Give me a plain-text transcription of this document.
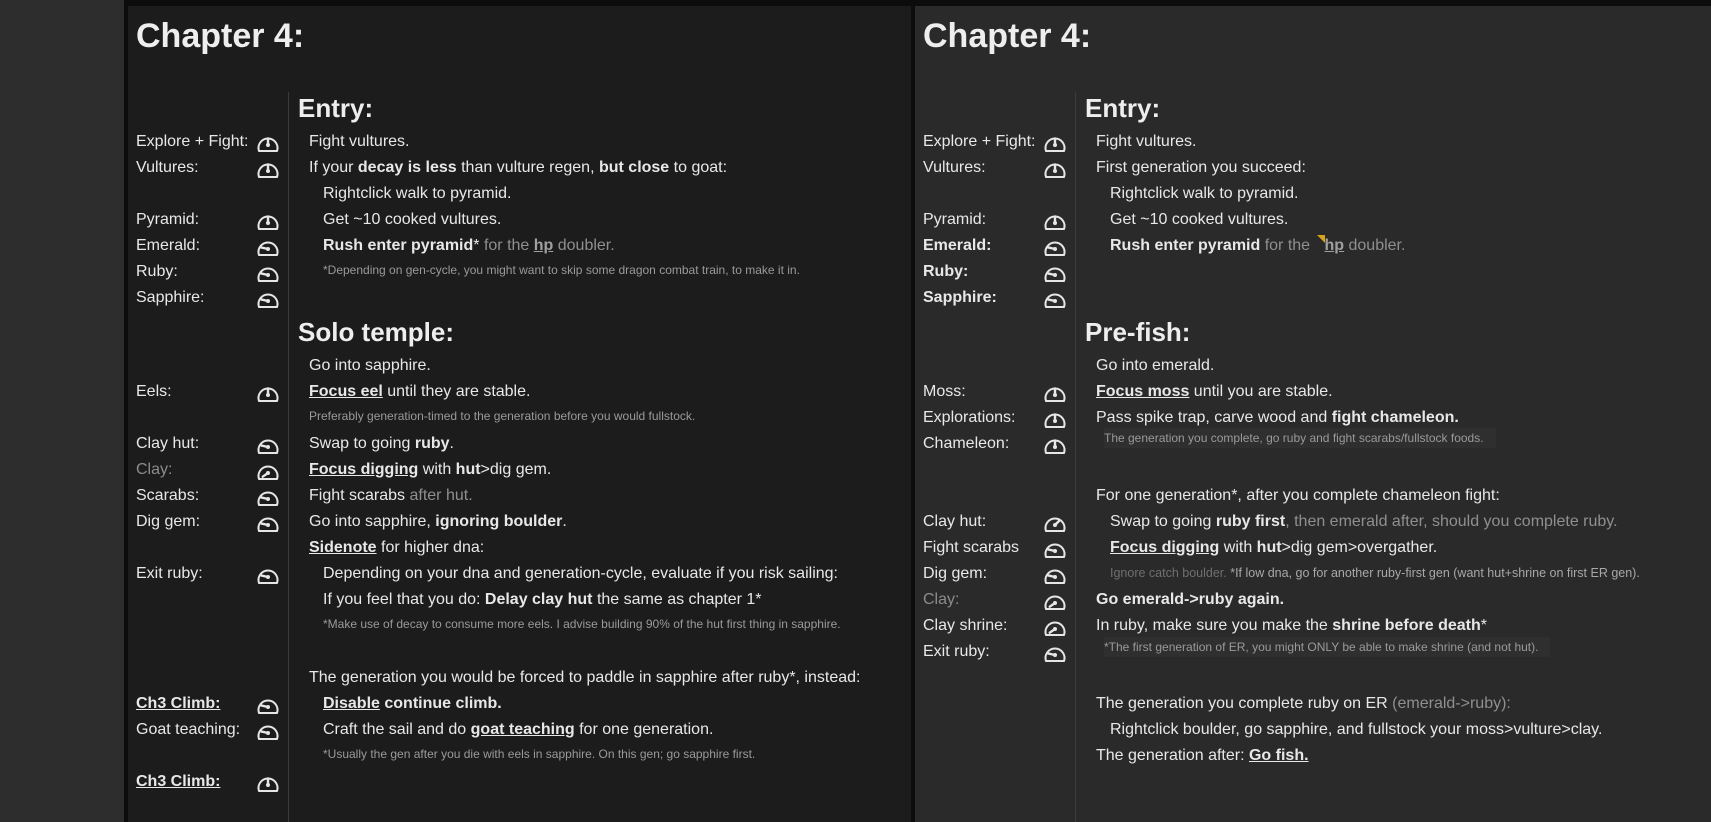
Chapter 4:
Explore + Fight:
Vultures:
Pyramid:
Emerald:
Ruby:
Sapphire:
Eels:
Clay hut:
Clay:
Scarabs:
Dig gem:
Exit ruby:
Ch3 Climb:
Goat teaching:
Ch3 Climb:
Entry:
Fight vultures.
If your decay is less than vulture regen, but close to goat:
Rightclick walk to pyramid.
Get ~10 cooked vultures.
Rush enter pyramid* for the hp doubler.
*Depending on gen-cycle, you might want to skip some dragon combat train, to make it in.
Solo temple:
Go into sapphire.
Focus eel until they are stable.
Preferably generation-timed to the generation before you would fullstock.
Swap to going ruby.
Focus digging with hut>dig gem.
Fight scarabs after hut.
Go into sapphire, ignoring boulder.
Sidenote for higher dna:
Depending on your dna and generation-cycle, evaluate if you risk sailing:
If you feel that you do: Delay clay hut the same as chapter 1*
*Make use of decay to consume more eels. I advise building 90% of the hut first thing in sapphire.
The generation you would be forced to paddle in sapphire after ruby*, instead:
Disable continue climb.
Craft the sail and do goat teaching for one generation.
*Usually the gen after you die with eels in sapphire. On this gen; go sapphire first.
Chapter 4:
Explore + Fight:
Vultures:
Pyramid:
Emerald:
Ruby:
Sapphire:
Moss:
Explorations:
Chameleon:
Clay hut:
Fight scarabs
Dig gem:
Clay:
Clay shrine:
Exit ruby:
Entry:
Fight vultures.
First generation you succeed:
Rightclick walk to pyramid.
Get ~10 cooked vultures.
Rush enter pyramid for the hp doubler.
Pre-fish:
Go into emerald.
Focus moss until you are stable.
Pass spike trap, carve wood and fight chameleon.
The generation you complete, go ruby and fight scarabs/fullstock foods.
For one generation*, after you complete chameleon fight:
Swap to going ruby first, then emerald after, should you complete ruby.
Focus digging with hut>dig gem>overgather.
Ignore catch boulder. *If low dna, go for another ruby-first gen (want hut+shrine on first ER gen).
Go emerald->ruby again.
In ruby, make sure you make the shrine before death*
*The first generation of ER, you might ONLY be able to make shrine (and not hut).
The generation you complete ruby on ER (emerald->ruby):
Rightclick boulder, go sapphire, and fullstock your moss>vulture>clay.
The generation after: Go fish.
